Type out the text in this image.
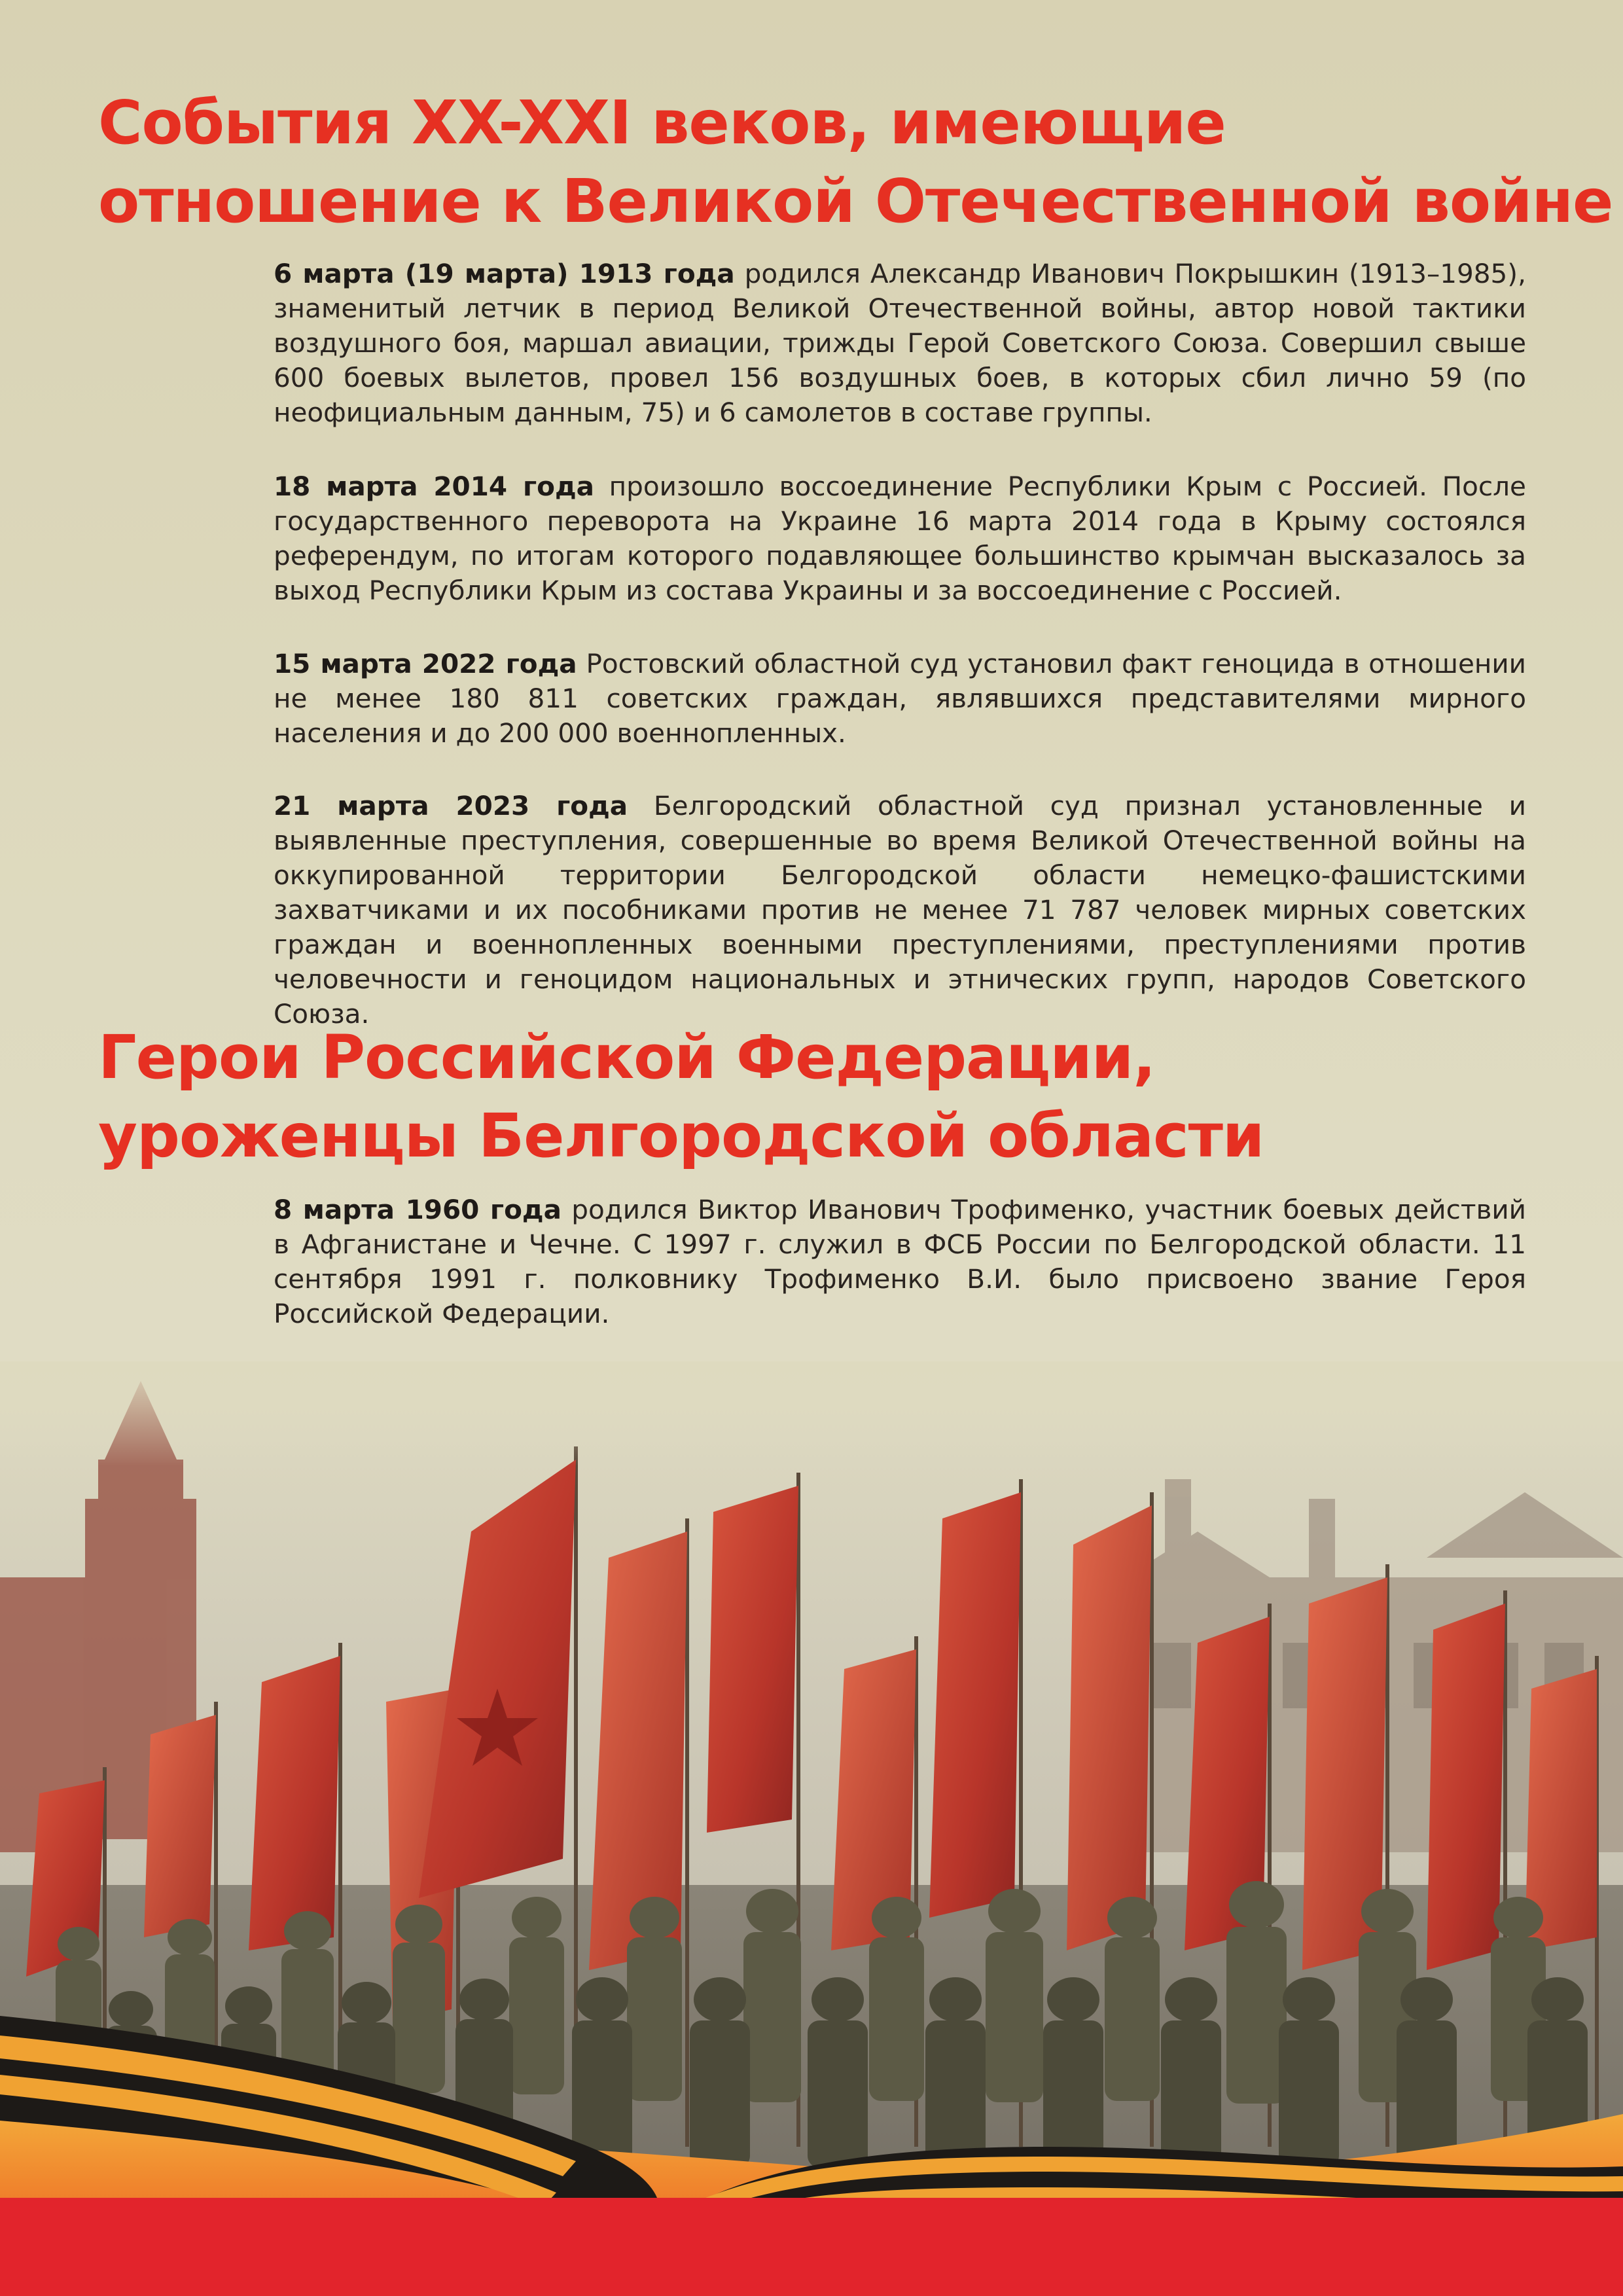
События XX-XXI веков, имеющие
отношение к Великой Отечественной войне

6 марта (19 марта) 1913 года родился Александр Иванович Покрышкин (1913–1985), знаменитый летчик в период Великой Отечественной войны, автор новой тактики воздушного боя, маршал авиации, трижды Герой Советского Союза. Совершил свыше 600 боевых вылетов, провел 156 воздушных боев, в которых сбил лично 59 (по неофициальным данным, 75) и 6 самолетов в составе группы.

18 марта 2014 года произошло воссоединение Республики Крым с Россией. После государственного переворота на Украине 16 марта 2014 года в Крыму состоялся референдум, по итогам которого подавляющее большинство крымчан высказалось за выход Республики Крым из состава Украины и за воссоединение с Россией.

15 марта 2022 года Ростовский областной суд установил факт геноцида в отношении не менее 180 811 советских граждан, являвшихся представителями мирного населения и до 200 000 военнопленных.

21 марта 2023 года Белгородский областной суд признал установленные и выявленные преступления, совершенные во время Великой Отечественной войны на оккупированной территории Белгородской области немецко-фашистскими захватчиками и их пособниками против не менее 71 787 человек мирных советских граждан и военнопленных военными преступлениями, преступлениями против человечности и геноцидом национальных и этнических групп, народов Советского Союза.

Герои Российской Федерации,
уроженцы Белгородской области

8 марта 1960 года родился Виктор Иванович Трофименко, участник боевых действий в Афганистане и Чечне. С 1997 г. служил в ФСБ России по Белгородской области. 11 сентября 1991 г. полковнику Трофименко В.И. было присвоено звание Героя Российской Федерации.
